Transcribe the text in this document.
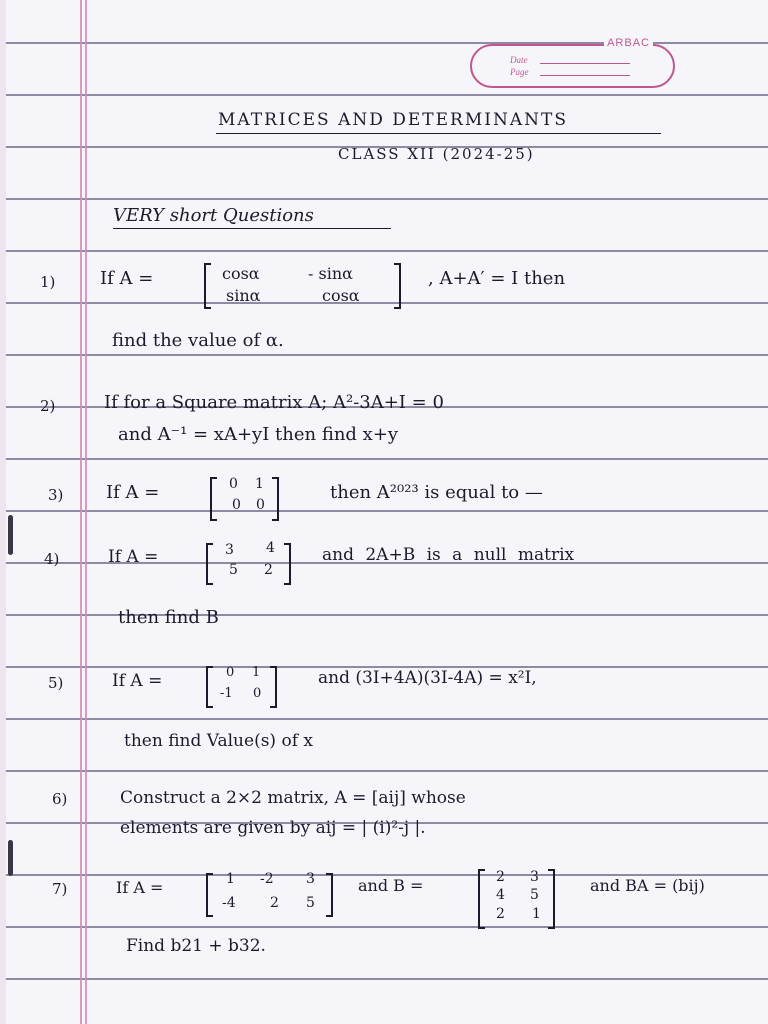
ARBAC
Date
Page
MATRICES AND DETERMINANTS
CLASS XII (2024-25)
VERY short Questions
1) If A =	cosα	- sinα
sinα	cosα
, A+A′ = I then
find the value of α.
2)	If for a Square matrix A; A²-3A+I = 0
and A⁻¹ = xA+yI then find x+y
3) If A =	0 1
0 0
then A²⁰²³ is equal to —
4)	If A =	3 4
5 2
and 2A+B is a null matrix
then find B
5)	If A =	0 1
-1 0
and (3I+4A)(3I-4A) = x²I,
then find Value(s) of x
6)	Construct a 2×2 matrix, A = [aij] whose
elements are given by aij = | (i)²-j |.
7)	If A =	1 -2 3
-4 2 5
and B =	2 3
4 5
2 1
and BA = (bij)
Find b21 + b32.
